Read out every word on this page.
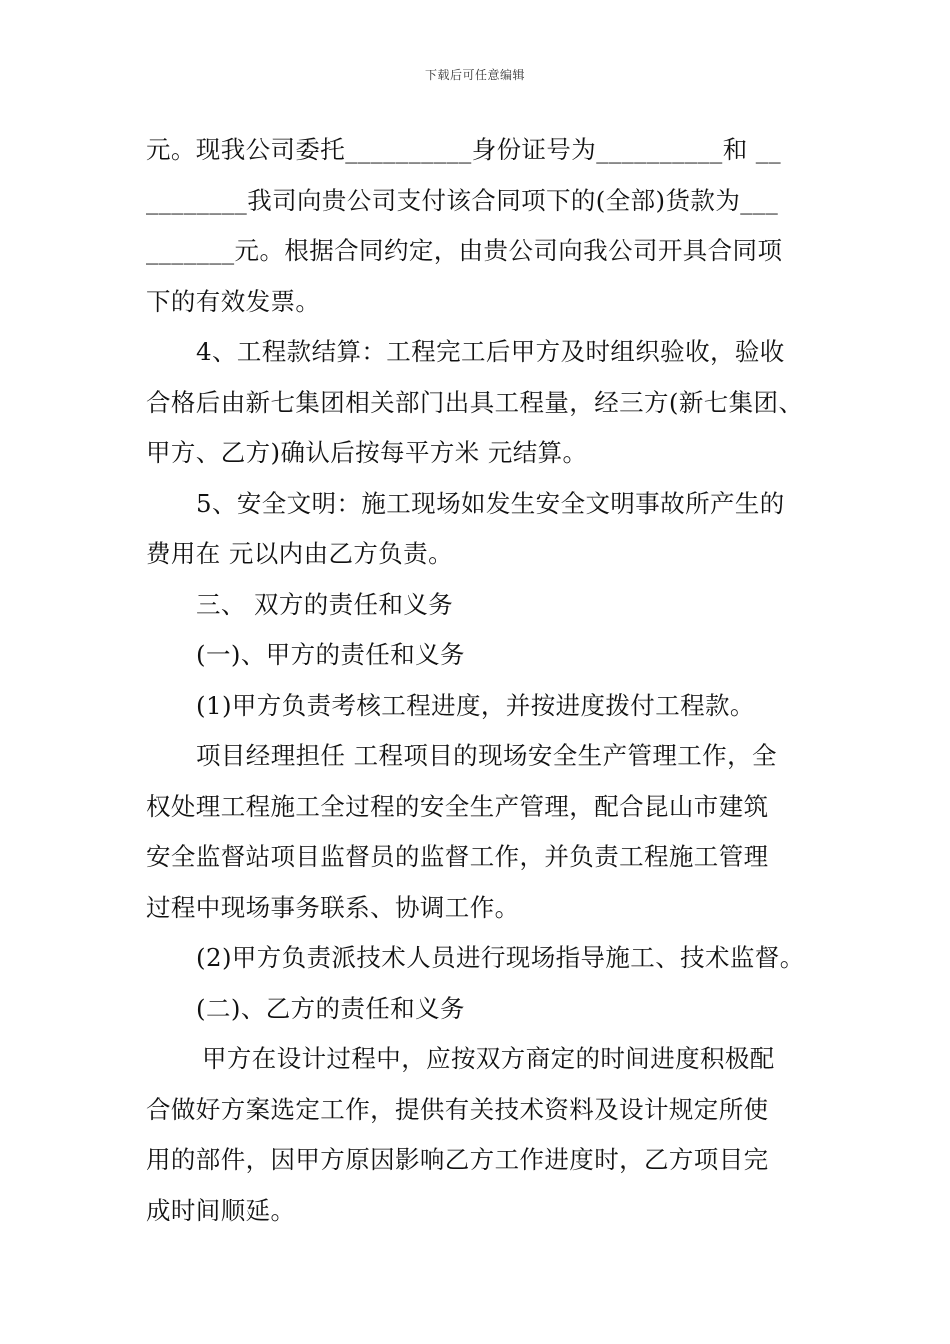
下载后可任意编辑
元。现我公司委托__________身份证号为__________和 __
________我司向贵公司支付该合同项下的(全部)货款为___
_______元。根据合同约定，由贵公司向我公司开具合同项
下的有效发票。
4、工程款结算：工程完工后甲方及时组织验收，验收
合格后由新七集团相关部门出具工程量，经三方(新七集团、
甲方、乙方)确认后按每平方米 元结算。
5、安全文明：施工现场如发生安全文明事故所产生的
费用在 元以内由乙方负责。
三、 双方的责任和义务
(一)、甲方的责任和义务
(1)甲方负责考核工程进度，并按进度拨付工程款。
项目经理担任 工程项目的现场安全生产管理工作，全
权处理工程施工全过程的安全生产管理，配合昆山市建筑
安全监督站项目监督员的监督工作，并负责工程施工管理
过程中现场事务联系、协调工作。
(2)甲方负责派技术人员进行现场指导施工、技术监督。
(二)、乙方的责任和义务
甲方在设计过程中，应按双方商定的时间进度积极配
合做好方案选定工作，提供有关技术资料及设计规定所使
用的部件，因甲方原因影响乙方工作进度时，乙方项目完
成时间顺延。
